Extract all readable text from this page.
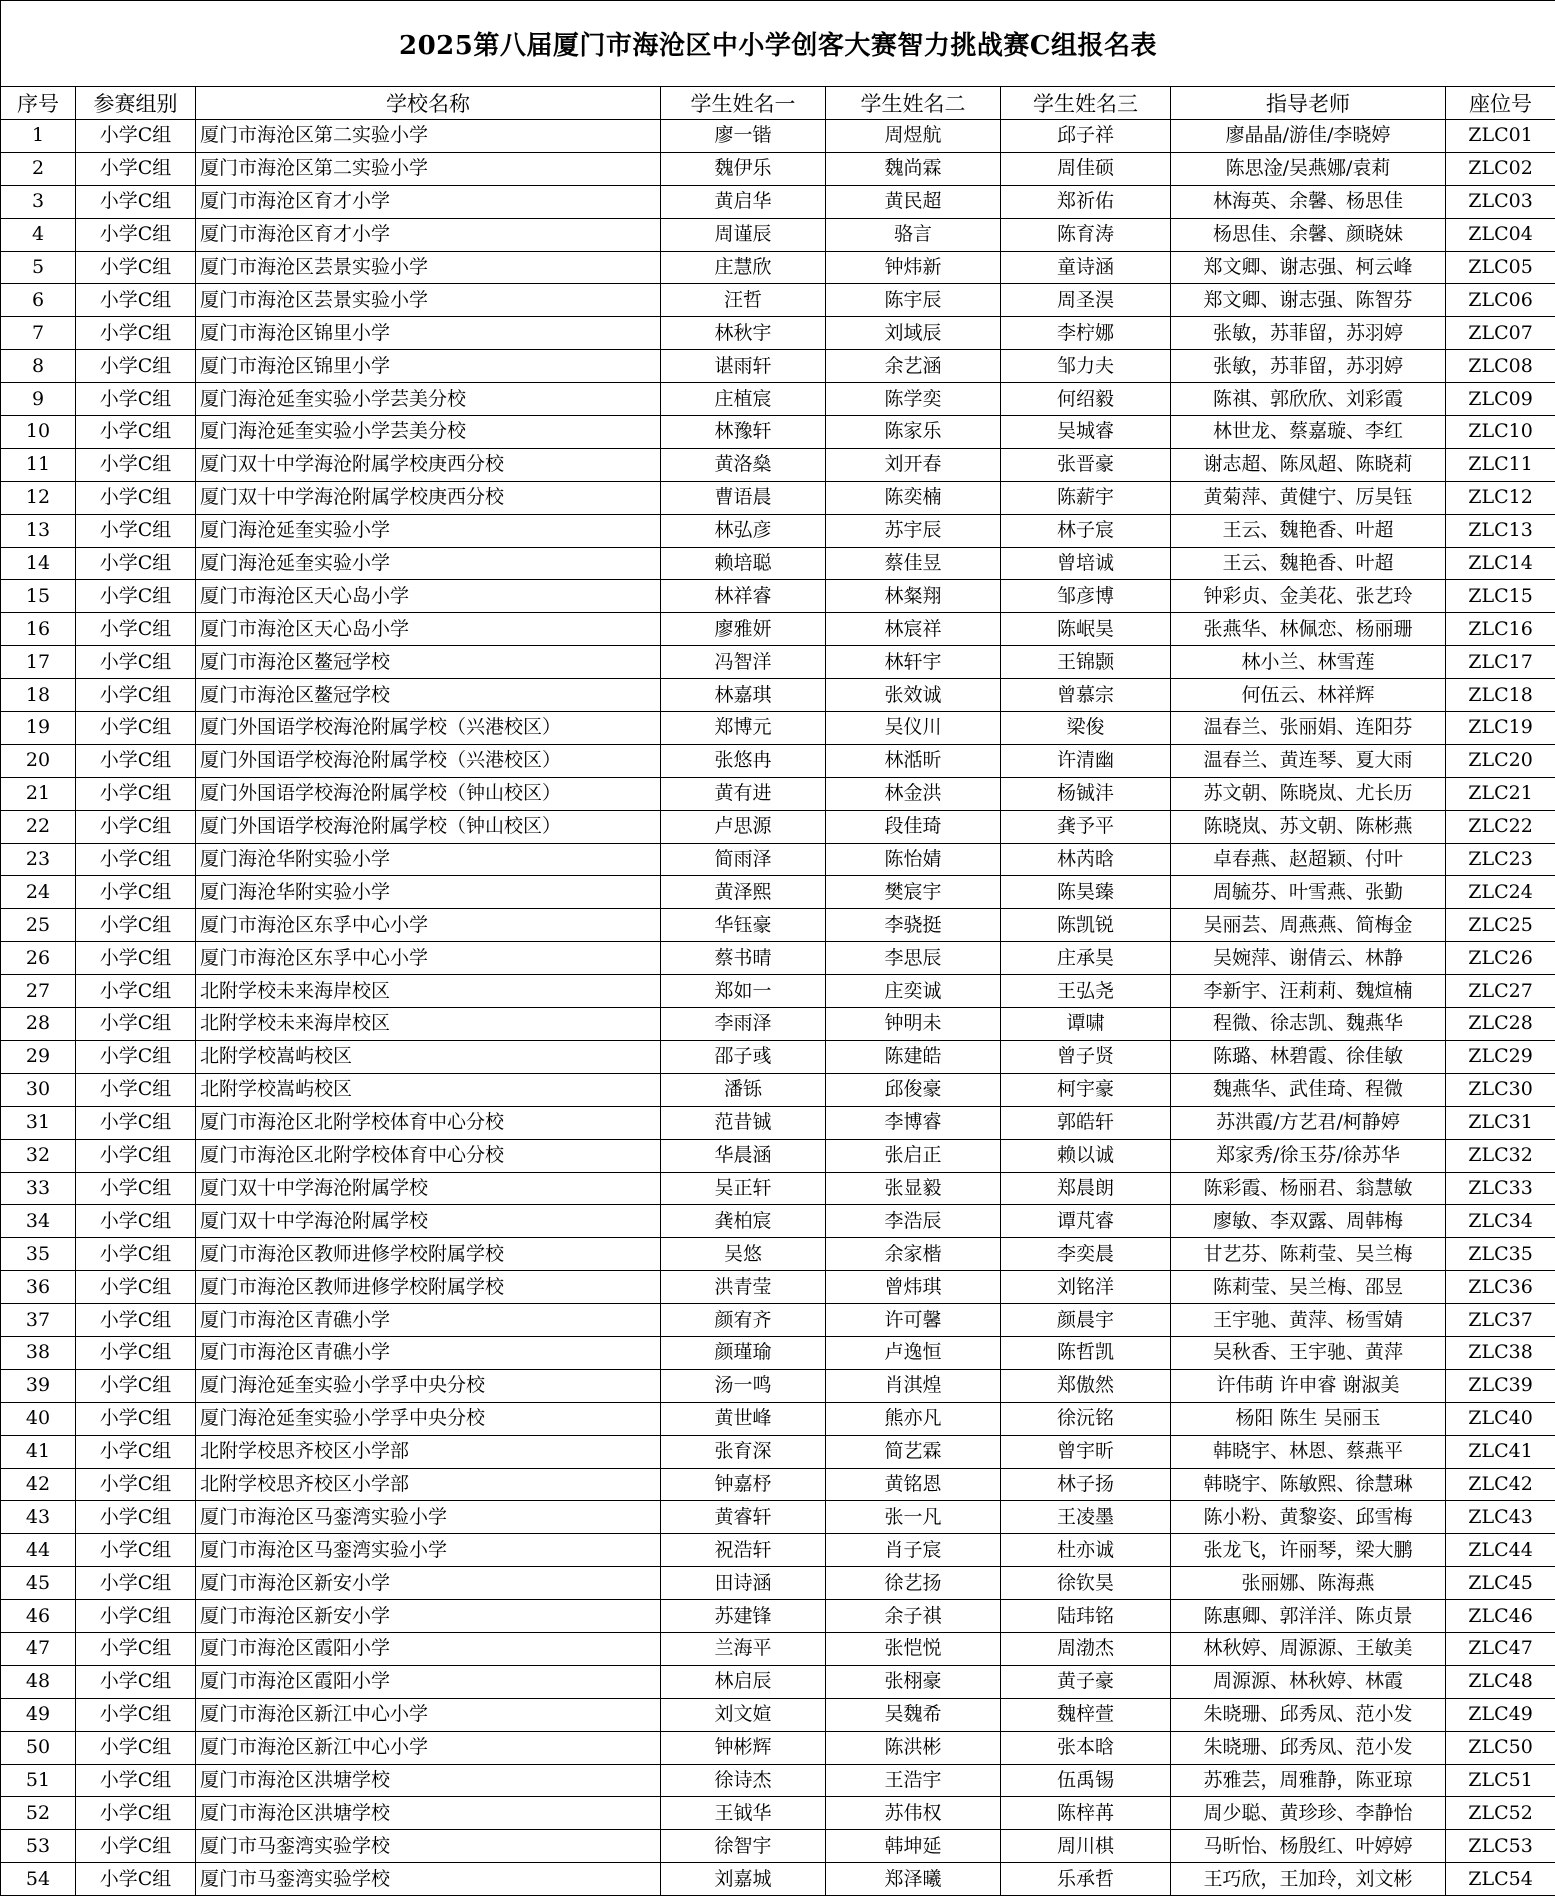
2025第八届厦门市海沧区中小学创客大赛智力挑战赛C组报名表							
序号	参赛组别	学校名称	学生姓名一	学生姓名二	学生姓名三	指导老师	座位号
1	小学C组	厦门市海沧区第二实验小学	廖一锴	周煜航	邱子祥	廖晶晶/游佳/李晓婷	ZLC01
2	小学C组	厦门市海沧区第二实验小学	魏伊乐	魏尚霖	周佳硕	陈思淦/吴燕娜/袁莉	ZLC02
3	小学C组	厦门市海沧区育才小学	黄启华	黄民超	郑祈佑	林海英、余馨、杨思佳	ZLC03
4	小学C组	厦门市海沧区育才小学	周谨辰	骆言	陈育涛	杨思佳、余馨、颜晓妹	ZLC04
5	小学C组	厦门市海沧区芸景实验小学	庄慧欣	钟炜新	童诗涵	郑文卿、谢志强、柯云峰	ZLC05
6	小学C组	厦门市海沧区芸景实验小学	汪哲	陈宇辰	周圣淏	郑文卿、谢志强、陈智芬	ZLC06
7	小学C组	厦门市海沧区锦里小学	林秋宇	刘域辰	李柠娜	张敏，苏菲留，苏羽婷	ZLC07
8	小学C组	厦门市海沧区锦里小学	谌雨轩	余艺涵	邹力夫	张敏，苏菲留，苏羽婷	ZLC08
9	小学C组	厦门海沧延奎实验小学芸美分校	庄植宸	陈学奕	何绍毅	陈祺、郭欣欣、刘彩霞	ZLC09
10	小学C组	厦门海沧延奎实验小学芸美分校	林豫轩	陈家乐	吴城睿	林世龙、蔡嘉璇、李红	ZLC10
11	小学C组	厦门双十中学海沧附属学校庚西分校	黄洛燊	刘开春	张晋豪	谢志超、陈凤超、陈晓莉	ZLC11
12	小学C组	厦门双十中学海沧附属学校庚西分校	曹语晨	陈奕楠	陈薪宇	黄菊萍、黄健宁、厉昊钰	ZLC12
13	小学C组	厦门海沧延奎实验小学	林弘彦	苏宇辰	林子宸	王云、魏艳香、叶超	ZLC13
14	小学C组	厦门海沧延奎实验小学	赖培聪	蔡佳昱	曾培诚	王云、魏艳香、叶超	ZLC14
15	小学C组	厦门市海沧区天心岛小学	林祥睿	林粲翔	邹彦博	钟彩贞、金美花、张艺玲	ZLC15
16	小学C组	厦门市海沧区天心岛小学	廖雅妍	林宸祥	陈岷昊	张燕华、林佩恋、杨丽珊	ZLC16
17	小学C组	厦门市海沧区鳌冠学校	冯智洋	林轩宇	王锦颢	林小兰、林雪莲	ZLC17
18	小学C组	厦门市海沧区鳌冠学校	林嘉琪	张效诚	曾慕宗	何伍云、林祥辉	ZLC18
19	小学C组	厦门外国语学校海沧附属学校（兴港校区）	郑博元	吴仪川	梁俊	温春兰、张丽娟、连阳芬	ZLC19
20	小学C组	厦门外国语学校海沧附属学校（兴港校区）	张悠冉	林湉昕	许清幽	温春兰、黄连琴、夏大雨	ZLC20
21	小学C组	厦门外国语学校海沧附属学校（钟山校区）	黄有进	林金洪	杨铖沣	苏文朝、陈晓岚、尤长历	ZLC21
22	小学C组	厦门外国语学校海沧附属学校（钟山校区）	卢思源	段佳琦	龚予平	陈晓岚、苏文朝、陈彬燕	ZLC22
23	小学C组	厦门海沧华附实验小学	简雨泽	陈怡婧	林芮晗	卓春燕、赵超颖、付叶	ZLC23
24	小学C组	厦门海沧华附实验小学	黄泽熙	樊宸宇	陈昊臻	周毓芬、叶雪燕、张勤	ZLC24
25	小学C组	厦门市海沧区东孚中心小学	华钰豪	李骁挺	陈凯锐	吴丽芸、周燕燕、简梅金	ZLC25
26	小学C组	厦门市海沧区东孚中心小学	蔡书晴	李思辰	庄承昊	吴婉萍、谢倩云、林静	ZLC26
27	小学C组	北附学校未来海岸校区	郑如一	庄奕诚	王弘尧	李新宇、汪莉莉、魏煊楠	ZLC27
28	小学C组	北附学校未来海岸校区	李雨泽	钟明未	谭啸	程微、徐志凯、魏燕华	ZLC28
29	小学C组	北附学校嵩屿校区	邵子彧	陈建皓	曾子贤	陈璐、林碧霞、徐佳敏	ZLC29
30	小学C组	北附学校嵩屿校区	潘铄	邱俊豪	柯宇豪	魏燕华、武佳琦、程微	ZLC30
31	小学C组	厦门市海沧区北附学校体育中心分校	范昔铖	李博睿	郭皓轩	苏洪霞/方艺君/柯静婷	ZLC31
32	小学C组	厦门市海沧区北附学校体育中心分校	华晨涵	张启正	赖以诚	郑家秀/徐玉芬/徐苏华	ZLC32
33	小学C组	厦门双十中学海沧附属学校	吴正轩	张显毅	郑晨朗	陈彩霞、杨丽君、翁慧敏	ZLC33
34	小学C组	厦门双十中学海沧附属学校	龚柏宸	李浩辰	谭芃睿	廖敏、李双露、周韩梅	ZLC34
35	小学C组	厦门市海沧区教师进修学校附属学校	吴悠	余家楷	李奕晨	甘艺芬、陈莉莹、吴兰梅	ZLC35
36	小学C组	厦门市海沧区教师进修学校附属学校	洪青莹	曾炜琪	刘铭洋	陈莉莹、吴兰梅、邵昱	ZLC36
37	小学C组	厦门市海沧区青礁小学	颜宥齐	许可馨	颜晨宇	王宇驰、黄萍、杨雪婧	ZLC37
38	小学C组	厦门市海沧区青礁小学	颜瑾瑜	卢逸恒	陈哲凯	吴秋香、王宇驰、黄萍	ZLC38
39	小学C组	厦门海沧延奎实验小学孚中央分校	汤一鸣	肖淇煌	郑傲然	许伟萌 许申睿 谢淑美	ZLC39
40	小学C组	厦门海沧延奎实验小学孚中央分校	黄世峰	熊亦凡	徐沅铭	杨阳 陈生 吴丽玉	ZLC40
41	小学C组	北附学校思齐校区小学部	张育深	简艺霖	曾宇昕	韩晓宇、林恩、蔡燕平	ZLC41
42	小学C组	北附学校思齐校区小学部	钟嘉杼	黄铭恩	林子扬	韩晓宇、陈敏熙、徐慧琳	ZLC42
43	小学C组	厦门市海沧区马銮湾实验小学	黄睿轩	张一凡	王凌墨	陈小粉、黄黎姿、邱雪梅	ZLC43
44	小学C组	厦门市海沧区马銮湾实验小学	祝浩轩	肖子宸	杜亦诚	张龙飞，许丽琴，梁大鹏	ZLC44
45	小学C组	厦门市海沧区新安小学	田诗涵	徐艺扬	徐钦昊	张丽娜、陈海燕	ZLC45
46	小学C组	厦门市海沧区新安小学	苏建锋	余子祺	陆玮铭	陈惠卿、郭洋洋、陈贞景	ZLC46
47	小学C组	厦门市海沧区霞阳小学	兰海平	张恺悦	周渤杰	林秋婷、周源源、王敏美	ZLC47
48	小学C组	厦门市海沧区霞阳小学	林启辰	张栩豪	黄子豪	周源源、林秋婷、林霞	ZLC48
49	小学C组	厦门市海沧区新江中心小学	刘文媗	吴魏希	魏梓萱	朱晓珊、邱秀凤、范小发	ZLC49
50	小学C组	厦门市海沧区新江中心小学	钟彬辉	陈洪彬	张本晗	朱晓珊、邱秀凤、范小发	ZLC50
51	小学C组	厦门市海沧区洪塘学校	徐诗杰	王浩宇	伍禹锡	苏雅芸，周雅静，陈亚琼	ZLC51
52	小学C组	厦门市海沧区洪塘学校	王钺华	苏伟权	陈梓苒	周少聪、黄珍珍、李静怡	ZLC52
53	小学C组	厦门市马銮湾实验学校	徐智宇	韩坤延	周川棋	马昕怡、杨殷红、叶婷婷	ZLC53
54	小学C组	厦门市马銮湾实验学校	刘嘉城	郑泽曦	乐承哲	王巧欣，王加玲，刘文彬	ZLC54
